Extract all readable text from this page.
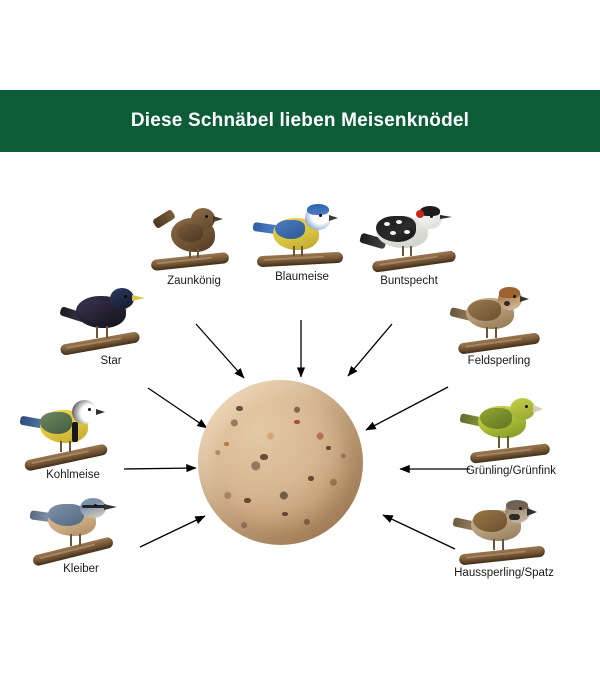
Diese Schnäbel lieben Meisenknödel
Zaunkönig	Blaumeise	Buntspecht
Star	Feldsperling
Kohlmeise	Grünling/Grünfink
Kleiber	Haussperling/Spatz
